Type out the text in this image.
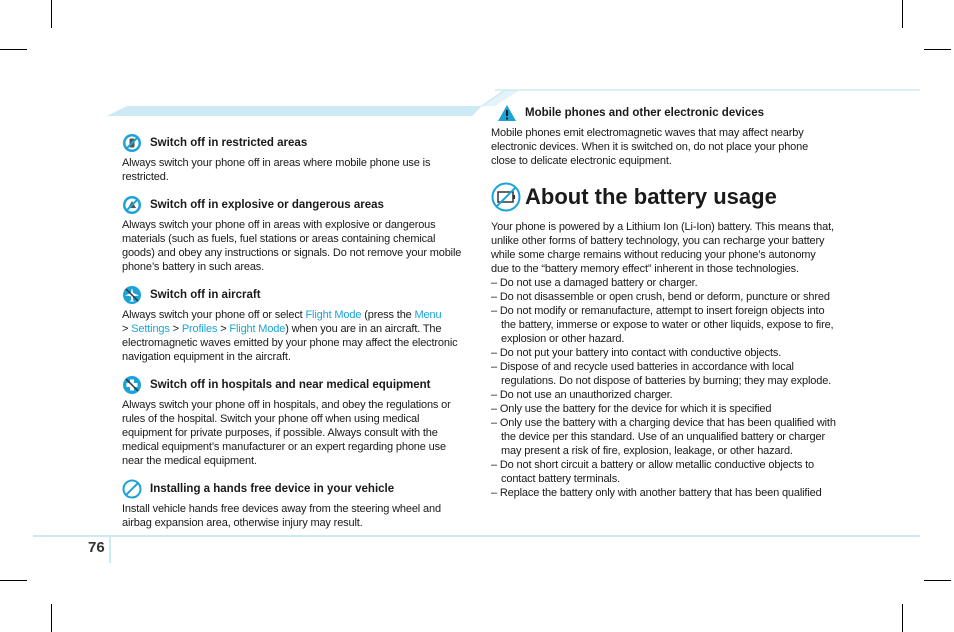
Switch off in restricted areas
Always switch your phone off in areas where mobile phone use is restricted.
Switch off in explosive or dangerous areas
Always switch your phone off in areas with explosive or dangerous materials (such as fuels, fuel stations or areas containing chemical goods) and obey any instructions or signals. Do not remove your mobile phone’s battery in such areas.
Switch off in aircraft
Always switch your phone off or select Flight Mode (press the Menu
> Settings > Profiles > Flight Mode) when you are in an aircraft. The electromagnetic waves emitted by your phone may affect the electronic navigation equipment in the aircraft.
Switch off in hospitals and near medical equipment
Always switch your phone off in hospitals, and obey the regulations or rules of the hospital. Switch your phone off when using medical equipment for private purposes, if possible. Always consult with the medical equipment’s manufacturer or an expert regarding phone use near the medical equipment.
Installing a hands free device in your vehicle
Install vehicle hands free devices away from the steering wheel and airbag expansion area, otherwise injury may result.
Mobile phones and other electronic devices
Mobile phones emit electromagnetic waves that may affect nearby electronic devices. When it is switched on, do not place your phone close to delicate electronic equipment.
About the battery usage
Your phone is powered by a Lithium Ion (Li-Ion) battery. This means that, unlike other forms of battery technology, you can recharge your battery while some charge remains without reducing your phone’s autonomy due to the “battery memory effect” inherent in those technologies.
– Do not use a damaged battery or charger.
– Do not disassemble or open crush, bend or deform, puncture or shred
– Do not modify or remanufacture, attempt to insert foreign objects into the battery, immerse or expose to water or other liquids, expose to fire, explosion or other hazard.
– Do not put your battery into contact with conductive objects.
– Dispose of and recycle used batteries in accordance with local regulations. Do not dispose of batteries by burning; they may explode.
– Do not use an unauthorized charger.
– Only use the battery for the device for which it is specified
– Only use the battery with a charging device that has been qualified with the device per this standard. Use of an unqualified battery or charger may present a risk of fire, explosion, leakage, or other hazard.
– Do not short circuit a battery or allow metallic conductive objects to contact battery terminals.
– Replace the battery only with another battery that has been qualified
76
